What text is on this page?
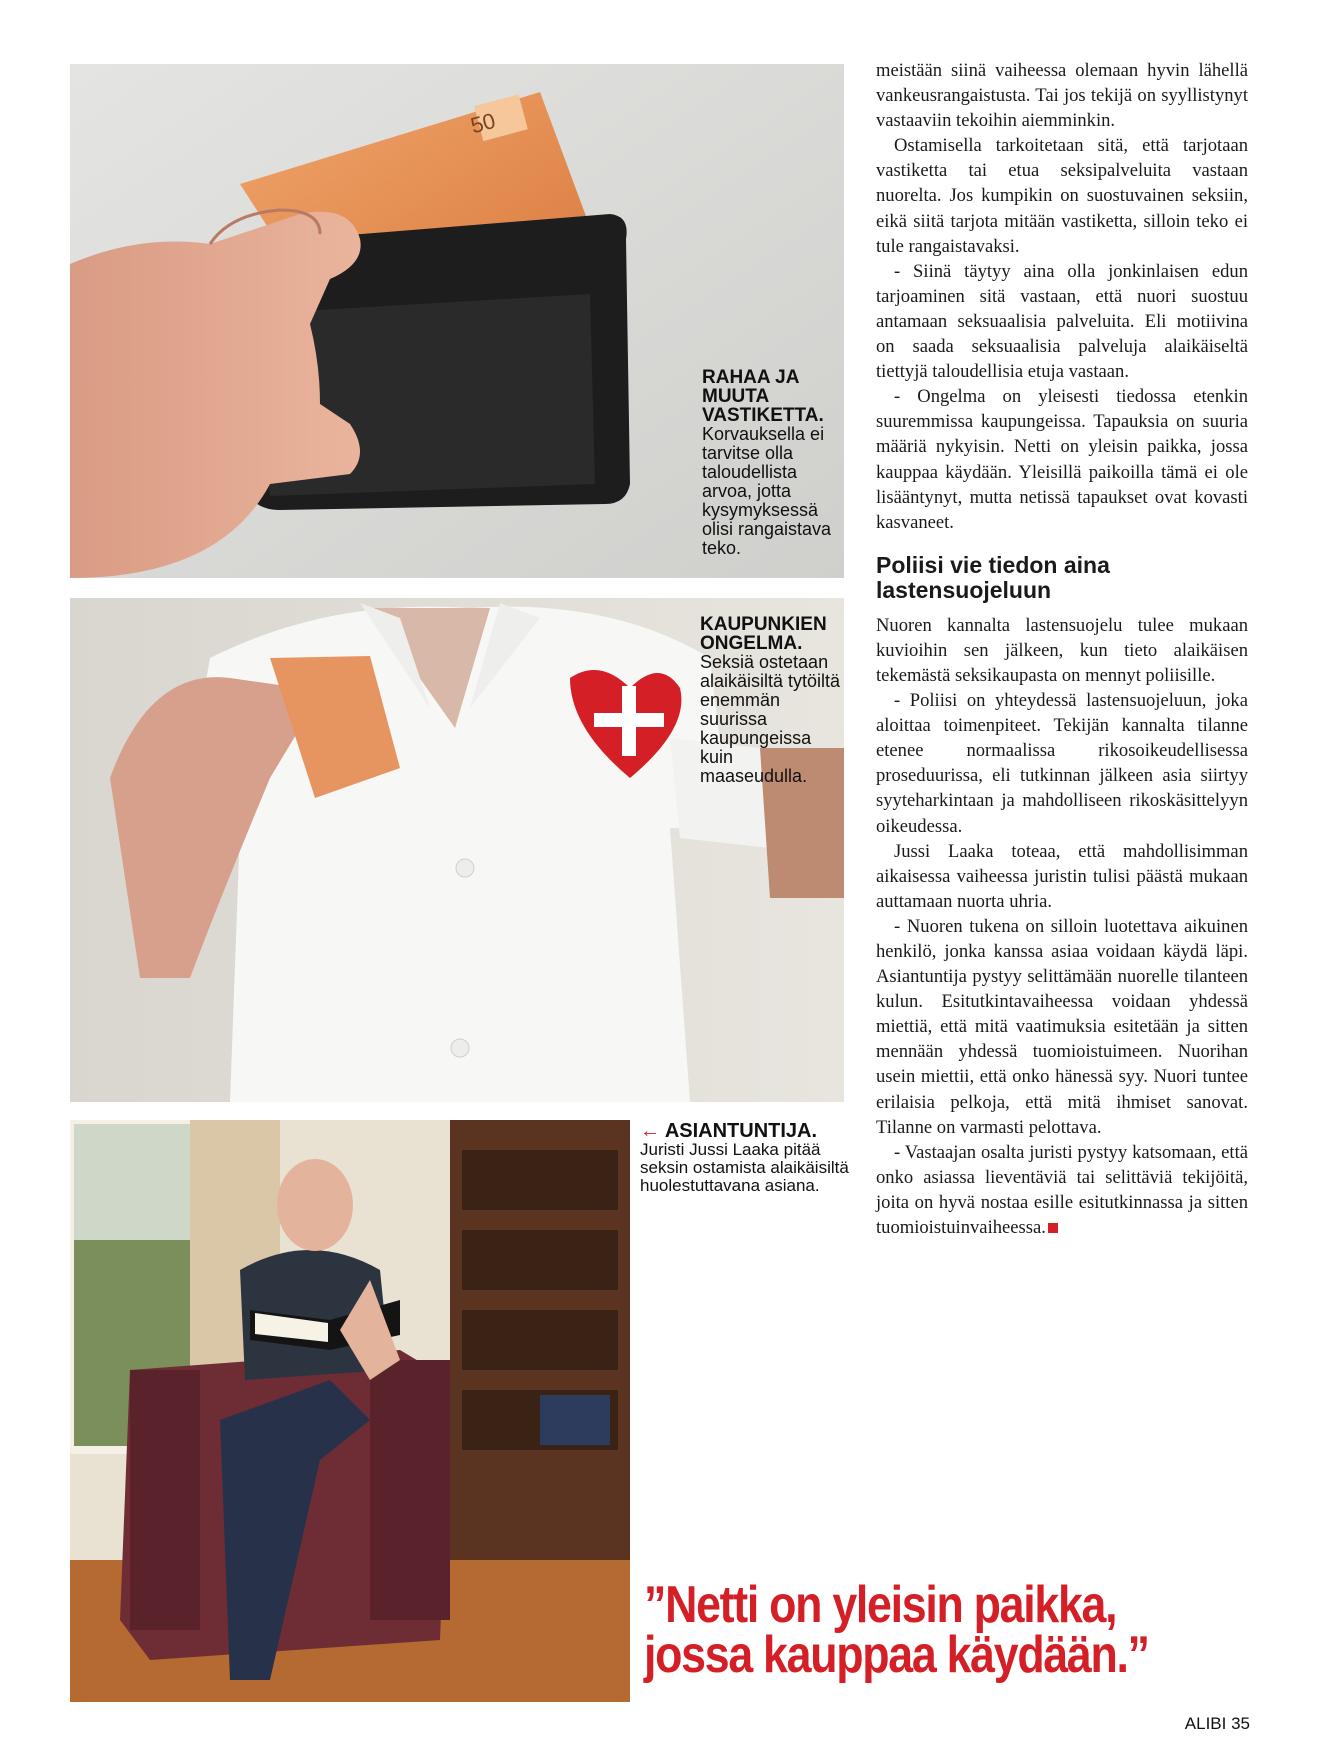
50
RAHAA JA MUUTA VASTIKETTA.
Korvauksella ei tarvitse olla taloudellista arvoa, jotta kysymyksessä olisi rangaistava teko.
KAUPUNKIEN ONGELMA.
Seksiä ostetaan alaikäisiltä tytöiltä enemmän suurissa kaupungeissa kuin maaseudulla.
← ASIANTUNTIJA.
Juristi Jussi Laaka pitää seksin ostamista alaikäisiltä huolestuttavana asiana.

meistään siinä vaiheessa olemaan hyvin lähellä vankeusrangaistusta. Tai jos tekijä on syyllistynyt vastaaviin tekoihin aiemminkin.

Ostamisella tarkoitetaan sitä, että tarjotaan vastiketta tai etua seksipalveluita vastaan nuorelta. Jos kumpikin on suostuvainen seksiin, eikä siitä tarjota mitään vastiketta, silloin teko ei tule rangaistavaksi.

- Siinä täytyy aina olla jonkinlaisen edun tarjoaminen sitä vastaan, että nuori suostuu antamaan seksuaalisia palveluita. Eli motiivina on saada seksuaalisia palveluja alaikäiseltä tiettyjä taloudellisia etuja vastaan.

- Ongelma on yleisesti tiedossa etenkin suuremmissa kaupungeissa. Tapauksia on suuria määriä nykyisin. Netti on yleisin paikka, jossa kauppaa käydään. Yleisillä paikoilla tämä ei ole lisääntynyt, mutta netissä tapaukset ovat kovasti kasvaneet.

Poliisi vie tiedon aina lastensuojeluun

Nuoren kannalta lastensuojelu tulee mukaan kuvioihin sen jälkeen, kun tieto alaikäisen tekemästä seksikaupasta on mennyt poliisille.

- Poliisi on yhteydessä lastensuojeluun, joka aloittaa toimenpiteet. Tekijän kannalta tilanne etenee normaalissa rikosoikeudellisessa proseduurissa, eli tutkinnan jälkeen asia siirtyy syyteharkintaan ja mahdolliseen rikoskäsittelyyn oikeudessa.

Jussi Laaka toteaa, että mahdollisimman aikaisessa vaiheessa juristin tulisi päästä mukaan auttamaan nuorta uhria.

- Nuoren tukena on silloin luotettava aikuinen henkilö, jonka kanssa asiaa voidaan käydä läpi. Asiantuntija pystyy selittämään nuorelle tilanteen kulun. Esitutkintavaiheessa voidaan yhdessä miettiä, että mitä vaatimuksia esitetään ja sitten mennään yhdessä tuomioistuimeen. Nuorihan usein miettii, että onko hänessä syy. Nuori tuntee erilaisia pelkoja, että mitä ihmiset sanovat. Tilanne on varmasti pelottava.

- Vastaajan osalta juristi pystyy katsomaan, että onko asiassa lieventäviä tai selittäviä tekijöitä, joita on hyvä nostaa esille esitutkinnassa ja sitten tuomioistuinvaiheessa.

”Netti on yleisin paikka,
jossa kauppaa käydään.”
ALIBI 35
